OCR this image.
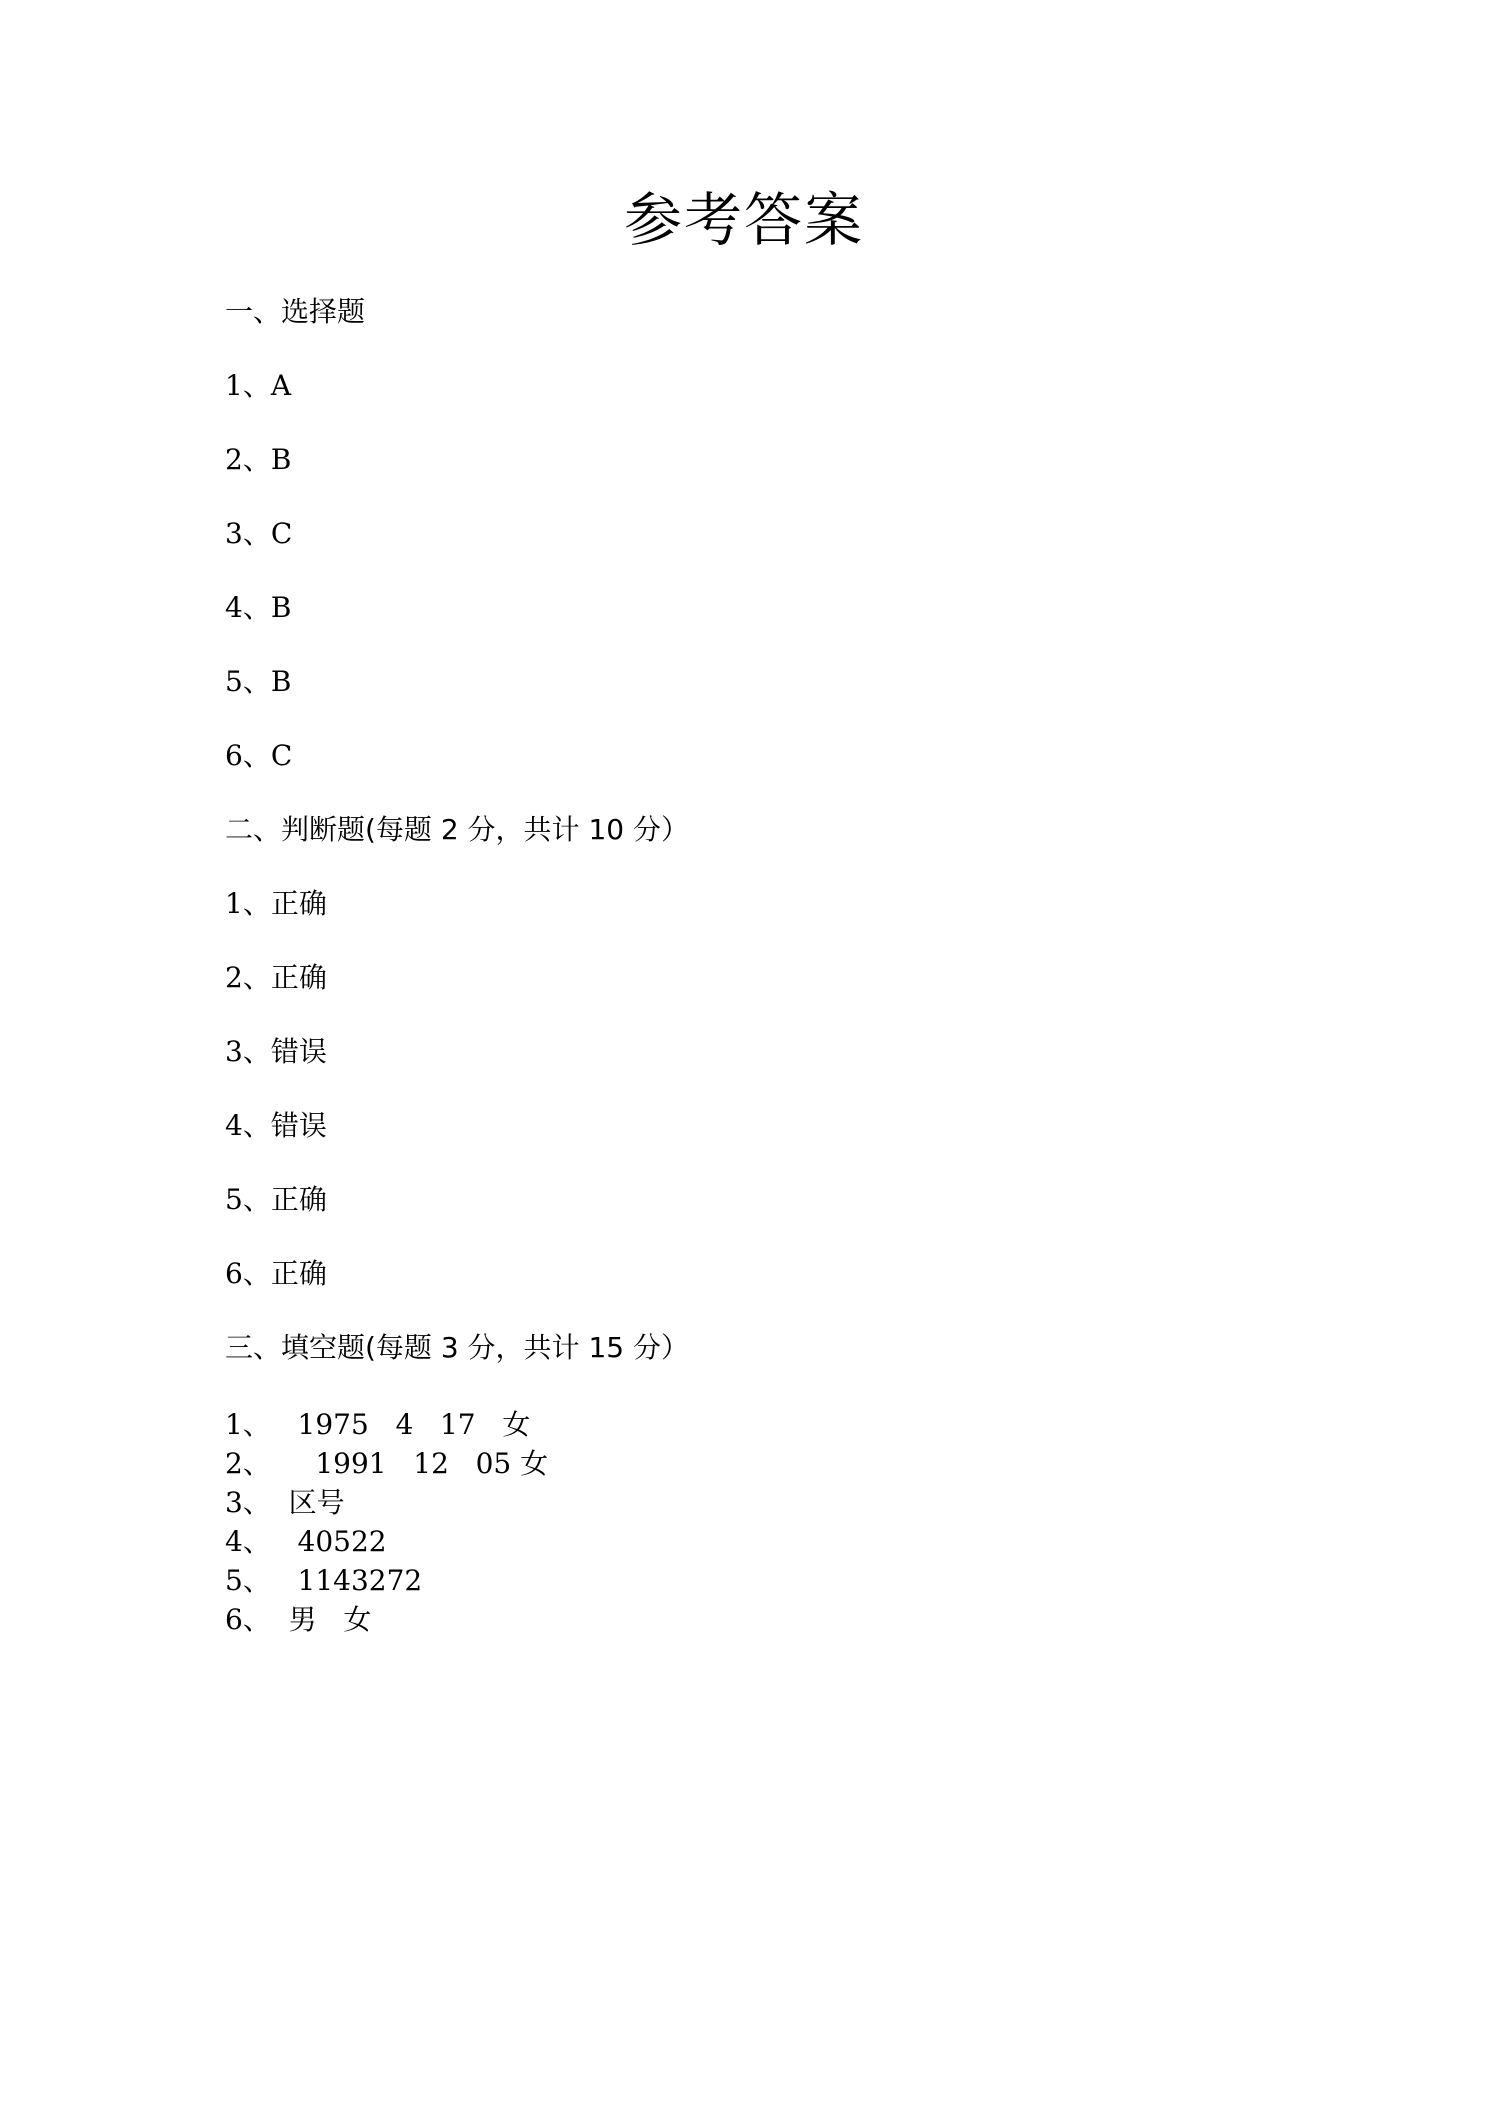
参考答案
一、选择题
1、A
2、B
3、C
4、B
5、B
6、C
二、判断题(每题 2 分，共计 10 分）
1、正确
2、正确
3、错误
4、错误
5、正确
6、正确
三、填空题(每题 3 分，共计 15 分）
1、   1975   4   17   女
2、     1991   12   05 女
3、  区号
4、   40522
5、   1143272
6、  男   女
